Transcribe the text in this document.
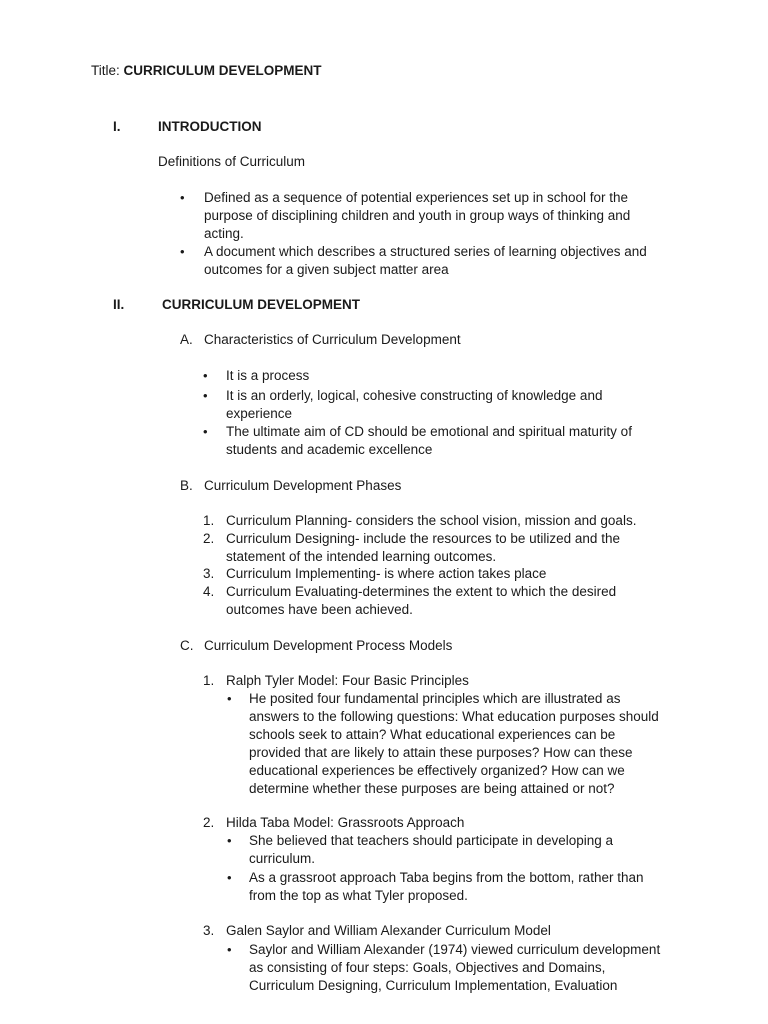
Title: CURRICULUM DEVELOPMENT
I.	INTRODUCTION
Definitions of Curriculum
• Defined as a sequence of potential experiences set up in school for the
purpose of disciplining children and youth in group ways of thinking and
acting.
• A document which describes a structured series of learning objectives and
outcomes for a given subject matter area
II.	CURRICULUM DEVELOPMENT
A. Characteristics of Curriculum Development
• It is a process
• It is an orderly, logical, cohesive constructing of knowledge and
experience
• The ultimate aim of CD should be emotional and spiritual maturity of
students and academic excellence
B. Curriculum Development Phases
1. Curriculum Planning- considers the school vision, mission and goals.
2. Curriculum Designing- include the resources to be utilized and the
statement of the intended learning outcomes.
3. Curriculum Implementing- is where action takes place
4. Curriculum Evaluating-determines the extent to which the desired
outcomes have been achieved.
C. Curriculum Development Process Models
1. Ralph Tyler Model: Four Basic Principles
• He posited four fundamental principles which are illustrated as
answers to the following questions: What education purposes should
schools seek to attain? What educational experiences can be
provided that are likely to attain these purposes? How can these
educational experiences be effectively organized? How can we
determine whether these purposes are being attained or not?
2. Hilda Taba Model: Grassroots Approach
• She believed that teachers should participate in developing a
curriculum.
• As a grassroot approach Taba begins from the bottom, rather than
from the top as what Tyler proposed.
3. Galen Saylor and William Alexander Curriculum Model
• Saylor and William Alexander (1974) viewed curriculum development
as consisting of four steps: Goals, Objectives and Domains,
Curriculum Designing, Curriculum Implementation, Evaluation
